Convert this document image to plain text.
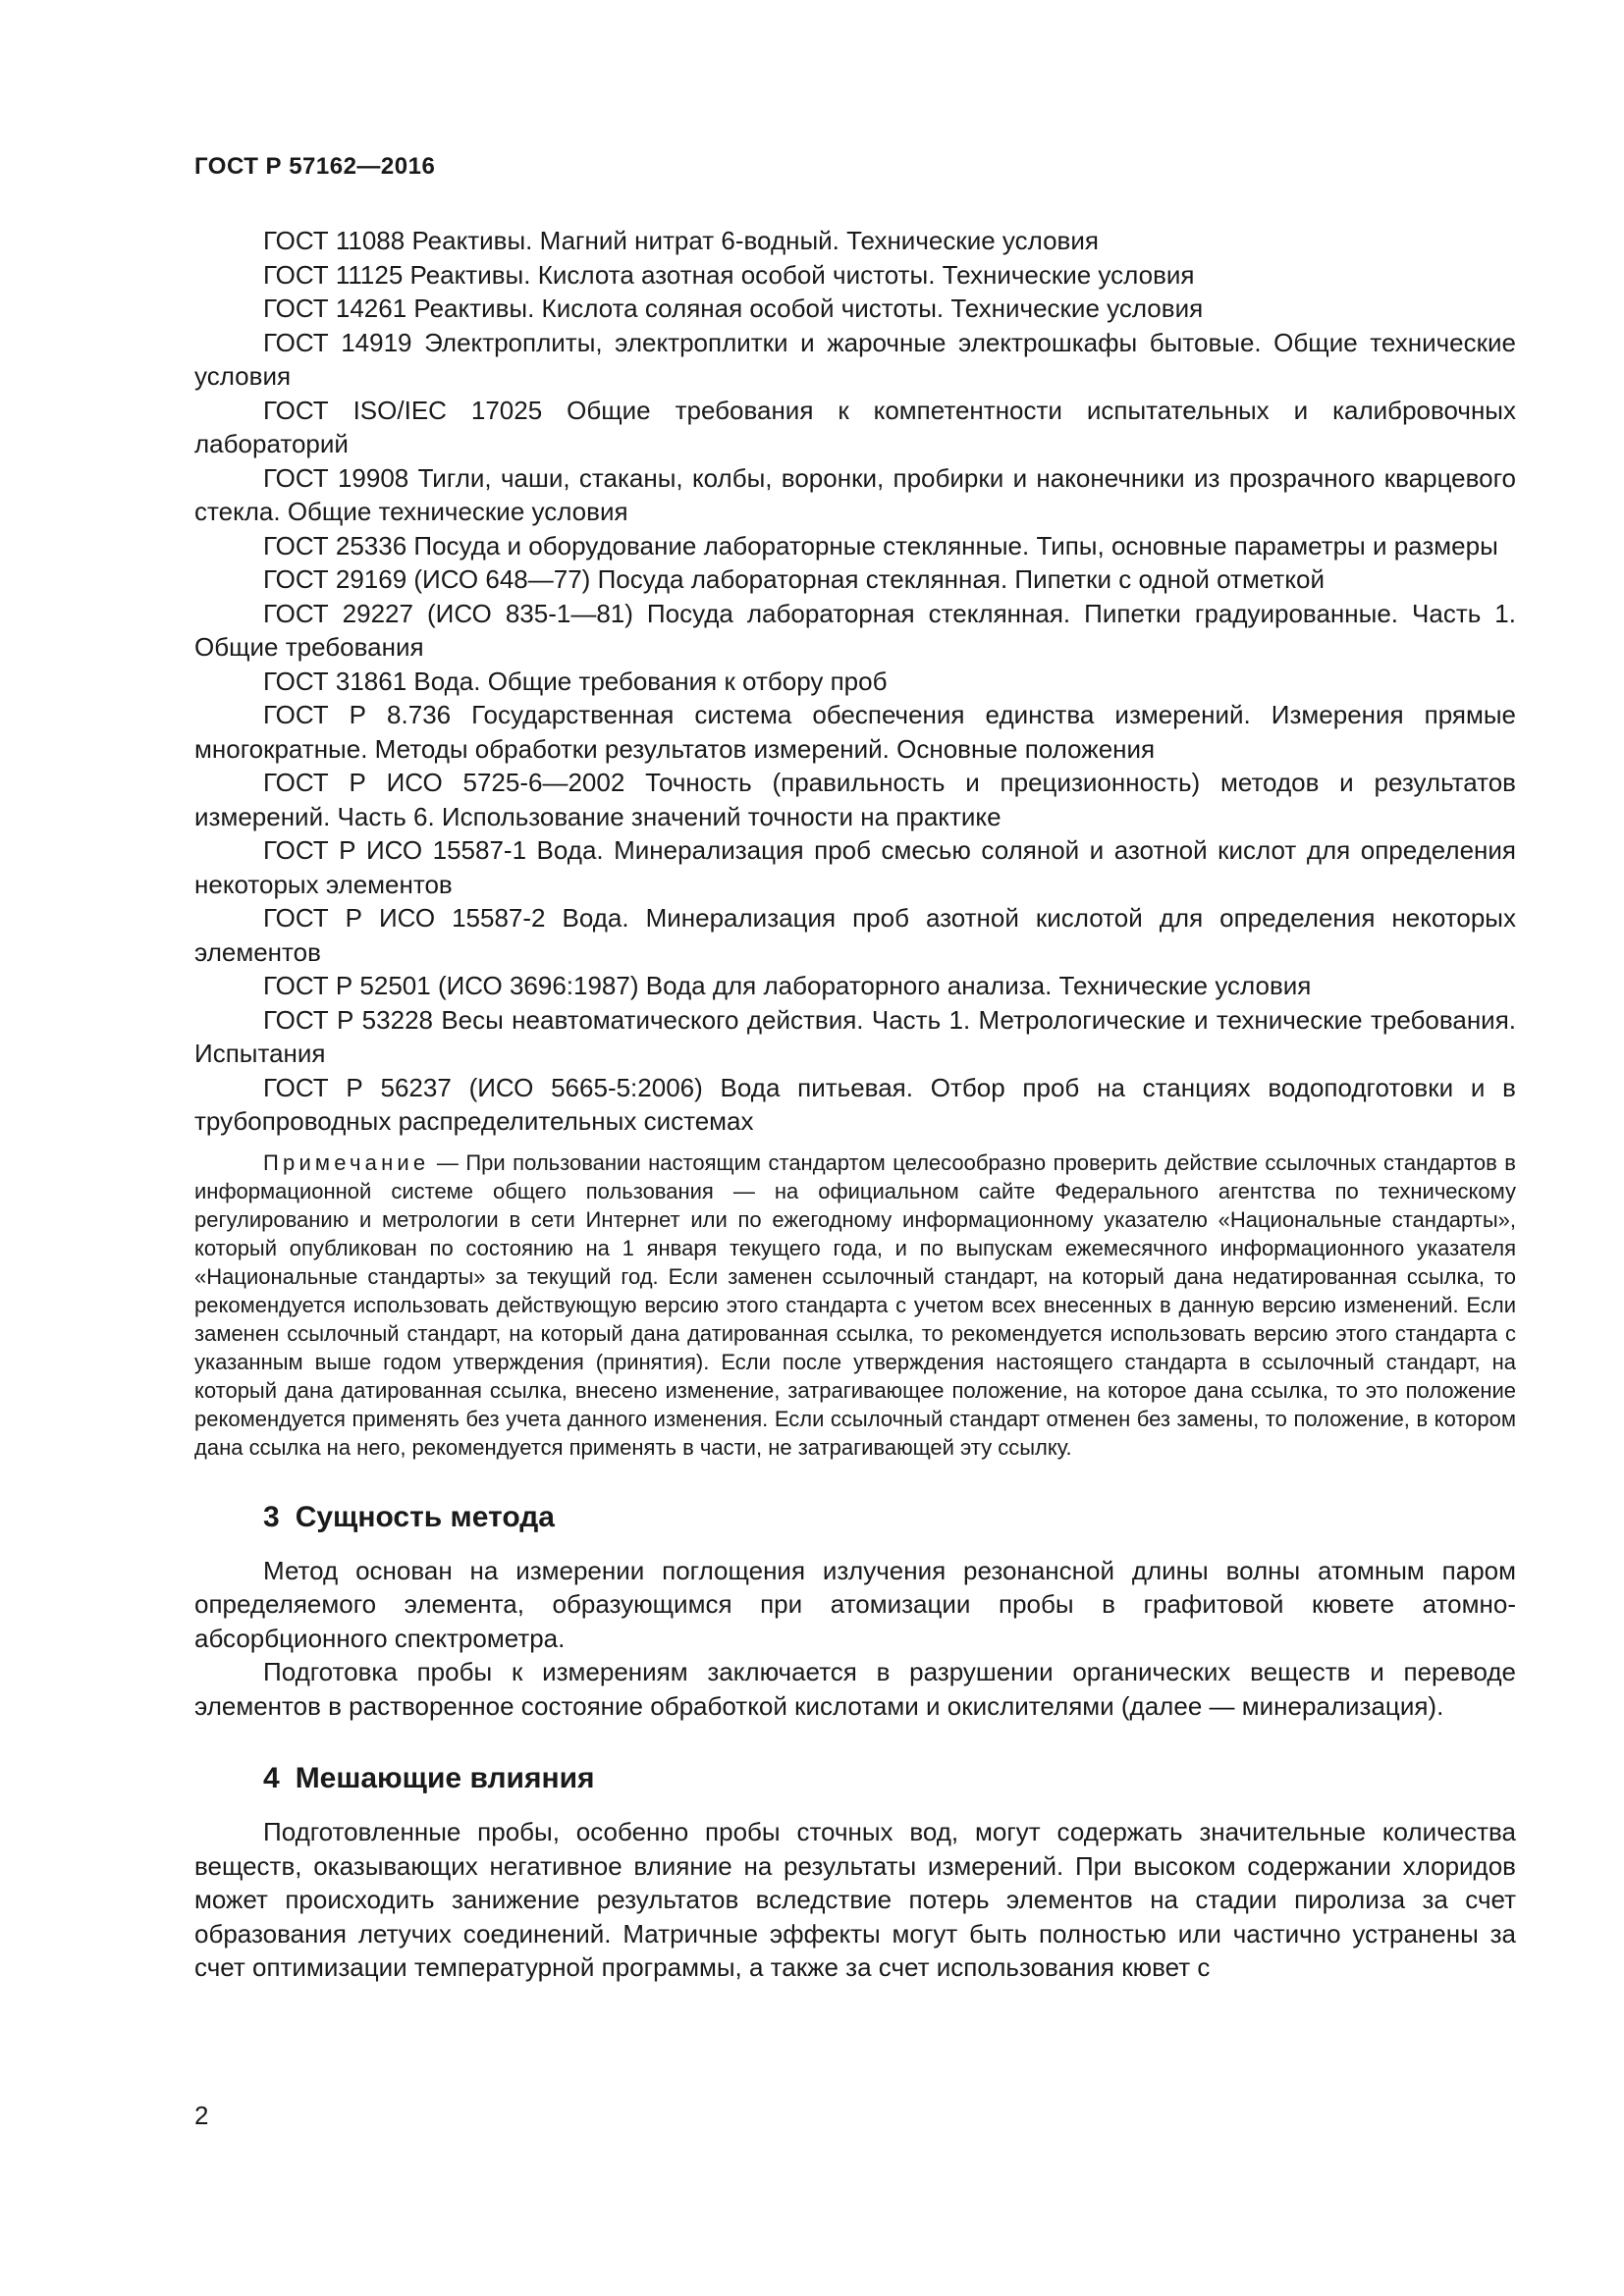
ГОСТ Р 57162—2016

ГОСТ 11088 Реактивы. Магний нитрат 6-водный. Технические условия

ГОСТ 11125 Реактивы. Кислота азотная особой чистоты. Технические условия

ГОСТ 14261 Реактивы. Кислота соляная особой чистоты. Технические условия

ГОСТ 14919 Электроплиты, электроплитки и жарочные электрошкафы бытовые. Общие технические условия

ГОСТ ISO/IEC 17025 Общие требования к компетентности испытательных и калибровочных лабораторий

ГОСТ 19908 Тигли, чаши, стаканы, колбы, воронки, пробирки и наконечники из прозрачного кварцевого стекла. Общие технические условия

ГОСТ 25336 Посуда и оборудование лабораторные стеклянные. Типы, основные параметры и размеры

ГОСТ 29169 (ИСО 648—77) Посуда лабораторная стеклянная. Пипетки с одной отметкой

ГОСТ 29227 (ИСО 835-1—81) Посуда лабораторная стеклянная. Пипетки градуированные. Часть 1. Общие требования

ГОСТ 31861 Вода. Общие требования к отбору проб

ГОСТ Р 8.736 Государственная система обеспечения единства измерений. Измерения прямые многократные. Методы обработки результатов измерений. Основные положения

ГОСТ Р ИСО 5725-6—2002 Точность (правильность и прецизионность) методов и результатов измерений. Часть 6. Использование значений точности на практике

ГОСТ Р ИСО 15587-1 Вода. Минерализация проб смесью соляной и азотной кислот для определения некоторых элементов

ГОСТ Р ИСО 15587-2 Вода. Минерализация проб азотной кислотой для определения некоторых элементов

ГОСТ Р 52501 (ИСО 3696:1987) Вода для лабораторного анализа. Технические условия

ГОСТ Р 53228 Весы неавтоматического действия. Часть 1. Метрологические и технические требования. Испытания

ГОСТ Р 56237 (ИСО 5665-5:2006) Вода питьевая. Отбор проб на станциях водоподготовки и в трубопроводных распределительных системах

Примечание — При пользовании настоящим стандартом целесообразно проверить действие ссылочных стандартов в информационной системе общего пользования — на официальном сайте Федерального агентства по техническому регулированию и метрологии в сети Интернет или по ежегодному информационному указателю «Национальные стандарты», который опубликован по состоянию на 1 января текущего года, и по выпускам ежемесячного информационного указателя «Национальные стандарты» за текущий год. Если заменен ссылочный стандарт, на который дана недатированная ссылка, то рекомендуется использовать действующую версию этого стандарта с учетом всех внесенных в данную версию изменений. Если заменен ссылочный стандарт, на который дана датированная ссылка, то рекомендуется использовать версию этого стандарта с указанным выше годом утверждения (принятия). Если после утверждения настоящего стандарта в ссылочный стандарт, на который дана датированная ссылка, внесено изменение, затрагивающее положение, на которое дана ссылка, то это положение рекомендуется применять без учета данного изменения. Если ссылочный стандарт отменен без замены, то положение, в котором дана ссылка на него, рекомендуется применять в части, не затрагивающей эту ссылку.

3 Сущность метода

Метод основан на измерении поглощения излучения резонансной длины волны атомным паром определяемого элемента, образующимся при атомизации пробы в графитовой кювете атомно-абсорбционного спектрометра.

Подготовка пробы к измерениям заключается в разрушении органических веществ и переводе элементов в растворенное состояние обработкой кислотами и окислителями (далее — минерализация).

4 Мешающие влияния

Подготовленные пробы, особенно пробы сточных вод, могут содержать значительные количества веществ, оказывающих негативное влияние на результаты измерений. При высоком содержании хлоридов может происходить занижение результатов вследствие потерь элементов на стадии пиролиза за счет образования летучих соединений. Матричные эффекты могут быть полностью или частично устранены за счет оптимизации температурной программы, а также за счет использования кювет с

2
